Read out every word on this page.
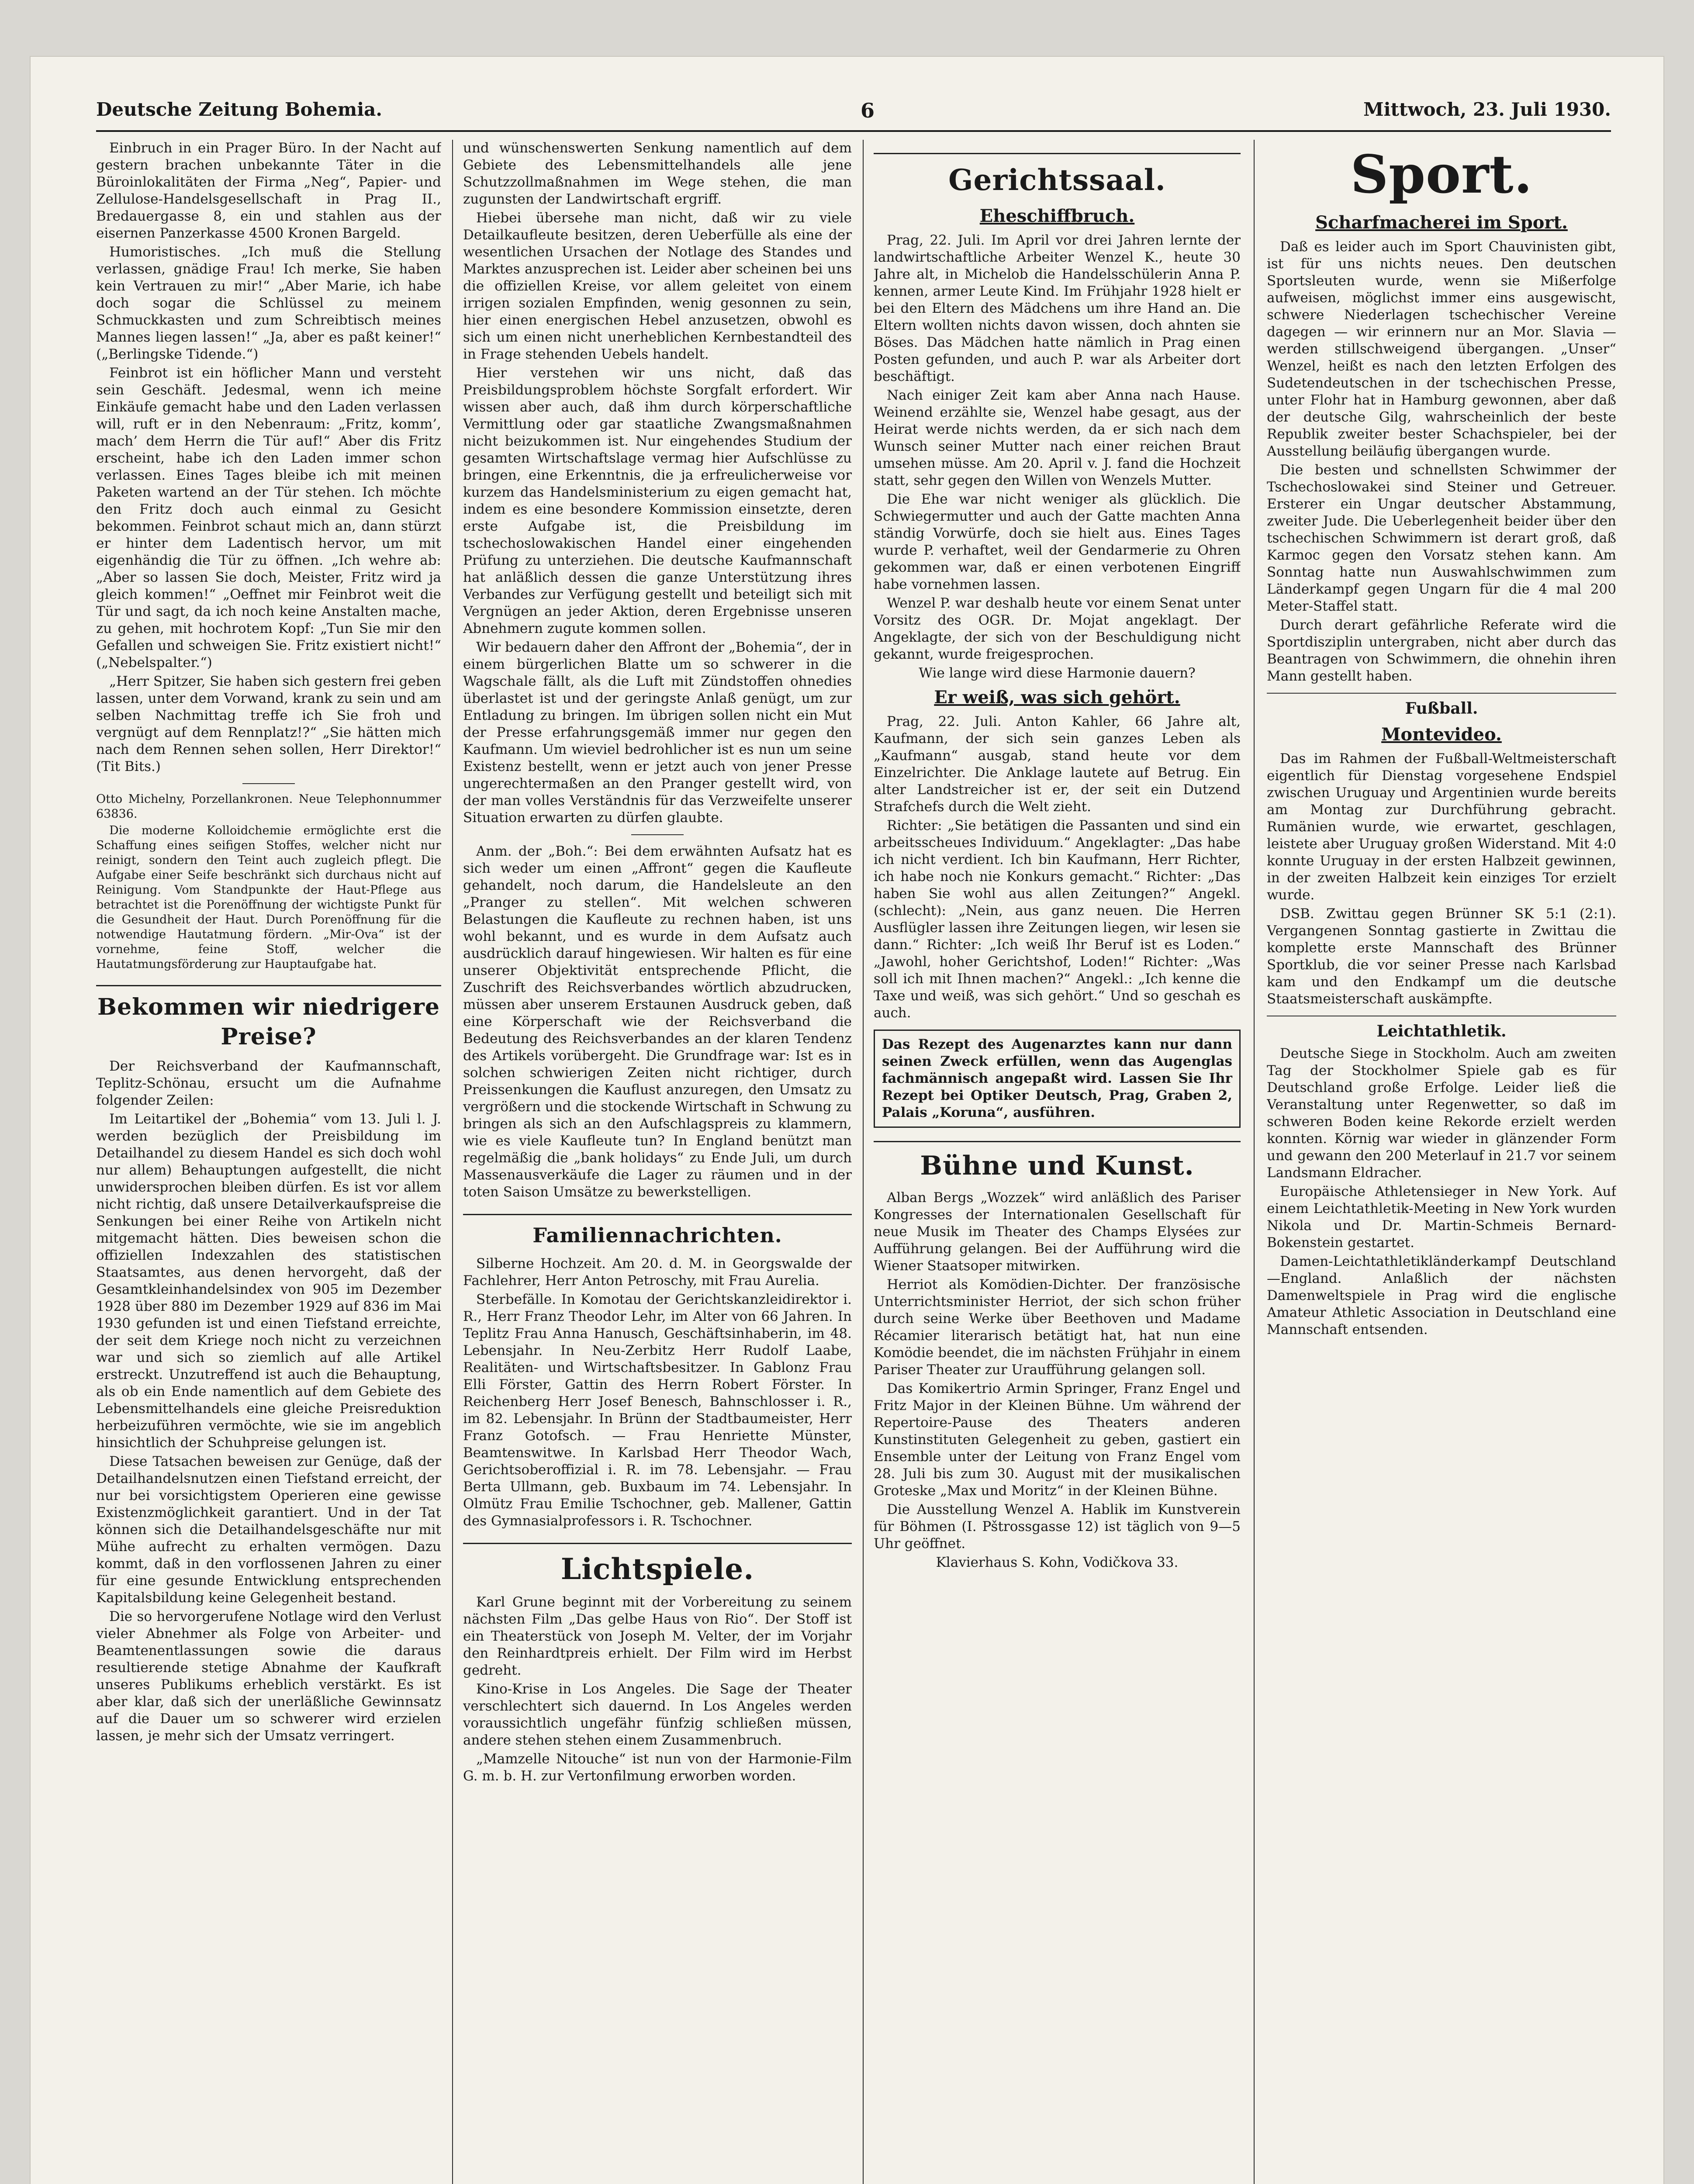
Deutsche Zeitung Bohemia.	6	Mittwoch, 23. Juli 1930.

Einbruch in ein Prager Büro. In der Nacht auf gestern brachen unbekannte Täter in die Büroinlokalitäten der Firma „Neg“, Papier- und Zellulose-Handelsgesellschaft in Prag II., Bredauergasse 8, ein und stahlen aus der eisernen Panzerkasse 4500 Kronen Bargeld.

Humoristisches. „Ich muß die Stellung verlassen, gnädige Frau! Ich merke, Sie haben kein Vertrauen zu mir!“ „Aber Marie, ich habe doch sogar die Schlüssel zu meinem Schmuckkasten und zum Schreibtisch meines Mannes liegen lassen!“ „Ja, aber es paßt keiner!“ („Berlingske Tidende.“)

Feinbrot ist ein höflicher Mann und versteht sein Geschäft. Jedesmal, wenn ich meine Einkäufe gemacht habe und den Laden verlassen will, ruft er in den Nebenraum: „Fritz, komm’, mach’ dem Herrn die Tür auf!“ Aber dis Fritz erscheint, habe ich den Laden immer schon verlassen. Eines Tages bleibe ich mit meinen Paketen wartend an der Tür stehen. Ich möchte den Fritz doch auch einmal zu Gesicht bekommen. Feinbrot schaut mich an, dann stürzt er hinter dem Ladentisch hervor, um mit eigenhändig die Tür zu öffnen. „Ich wehre ab: „Aber so lassen Sie doch, Meister, Fritz wird ja gleich kommen!“ „Oeffnet mir Feinbrot weit die Tür und sagt, da ich noch keine Anstalten mache, zu gehen, mit hochrotem Kopf: „Tun Sie mir den Gefallen und schweigen Sie. Fritz existiert nicht!“ („Nebelspalter.“)

„Herr Spitzer, Sie haben sich gestern frei geben lassen, unter dem Vorwand, krank zu sein und am selben Nachmittag treffe ich Sie froh und vergnügt auf dem Rennplatz!?“ „Sie hätten mich nach dem Rennen sehen sollen, Herr Direktor!“ (Tit Bits.)

Otto Michelny, Porzellankronen. Neue Telephonnummer 63836.

Die moderne Kolloidchemie ermöglichte erst die Schaffung eines seifigen Stoffes, welcher nicht nur reinigt, sondern den Teint auch zugleich pflegt. Die Aufgabe einer Seife beschränkt sich durchaus nicht auf Reinigung. Vom Standpunkte der Haut-Pflege aus betrachtet ist die Porenöffnung der wichtigste Punkt für die Gesundheit der Haut. Durch Porenöffnung für die notwendige Hautatmung fördern. „Mir-Ova“ ist der vornehme, feine Stoff, welcher die Hautatmungsförderung zur Hauptaufgabe hat.

Bekommen wir niedrigere Preise?

Der Reichsverband der Kaufmannschaft, Teplitz-Schönau, ersucht um die Aufnahme folgender Zeilen:

Im Leitartikel der „Bohemia“ vom 13. Juli l. J. werden bezüglich der Preisbildung im Detailhandel zu diesem Handel es sich doch wohl nur allem) Behauptungen aufgestellt, die nicht unwidersprochen bleiben dürfen. Es ist vor allem nicht richtig, daß unsere Detailverkaufspreise die Senkungen bei einer Reihe von Artikeln nicht mitgemacht hätten. Dies beweisen schon die offiziellen Indexzahlen des statistischen Staatsamtes, aus denen hervorgeht, daß der Gesamtkleinhandelsindex von 905 im Dezember 1928 über 880 im Dezember 1929 auf 836 im Mai 1930 gefunden ist und einen Tiefstand erreichte, der seit dem Kriege noch nicht zu verzeichnen war und sich so ziemlich auf alle Artikel erstreckt. Unzutreffend ist auch die Behauptung, als ob ein Ende namentlich auf dem Gebiete des Lebensmittelhandels eine gleiche Preisreduktion herbeizuführen vermöchte, wie sie im angeblich hinsichtlich der Schuhpreise gelungen ist.

Diese Tatsachen beweisen zur Genüge, daß der Detailhandelsnutzen einen Tiefstand erreicht, der nur bei vorsichtigstem Operieren eine gewisse Existenzmöglichkeit garantiert. Und in der Tat können sich die Detailhandelsgeschäfte nur mit Mühe aufrecht zu erhalten vermögen. Dazu kommt, daß in den vorflossenen Jahren zu einer für eine gesunde Entwicklung entsprechenden Kapitalsbildung keine Gelegenheit bestand.

Die so hervorgerufene Notlage wird den Verlust vieler Abnehmer als Folge von Arbeiter- und Beamtenentlassungen sowie die daraus resultierende stetige Abnahme der Kaufkraft unseres Publikums erheblich verstärkt. Es ist aber klar, daß sich der unerläßliche Gewinnsatz auf die Dauer um so schwerer wird erzielen lassen, je mehr sich der Umsatz verringert.

und wünschenswerten Senkung namentlich auf dem Gebiete des Lebensmittelhandels alle jene Schutzzollmaßnahmen im Wege stehen, die man zugunsten der Landwirtschaft ergriff.

Hiebei übersehe man nicht, daß wir zu viele Detailkaufleute besitzen, deren Ueberfülle als eine der wesentlichen Ursachen der Notlage des Standes und Marktes anzusprechen ist. Leider aber scheinen bei uns die offiziellen Kreise, vor allem geleitet von einem irrigen sozialen Empfinden, wenig gesonnen zu sein, hier einen energischen Hebel anzusetzen, obwohl es sich um einen nicht unerheblichen Kernbestandteil des in Frage stehenden Uebels handelt.

Hier verstehen wir uns nicht, daß das Preisbildungsproblem höchste Sorgfalt erfordert. Wir wissen aber auch, daß ihm durch körperschaftliche Vermittlung oder gar staatliche Zwangsmaßnahmen nicht beizukommen ist. Nur eingehendes Studium der gesamten Wirtschaftslage vermag hier Aufschlüsse zu bringen, eine Erkenntnis, die ja erfreulicherweise vor kurzem das Handelsministerium zu eigen gemacht hat, indem es eine besondere Kommission einsetzte, deren erste Aufgabe ist, die Preisbildung im tschechoslowakischen Handel einer eingehenden Prüfung zu unterziehen. Die deutsche Kaufmannschaft hat anläßlich dessen die ganze Unterstützung ihres Verbandes zur Verfügung gestellt und beteiligt sich mit Vergnügen an jeder Aktion, deren Ergebnisse unseren Abnehmern zugute kommen sollen.

Wir bedauern daher den Affront der „Bohemia“, der in einem bürgerlichen Blatte um so schwerer in die Wagschale fällt, als die Luft mit Zündstoffen ohnedies überlastet ist und der geringste Anlaß genügt, um zur Entladung zu bringen. Im übrigen sollen nicht ein Mut der Presse erfahrungsgemäß immer nur gegen den Kaufmann. Um wieviel bedrohlicher ist es nun um seine Existenz bestellt, wenn er jetzt auch von jener Presse ungerechtermaßen an den Pranger gestellt wird, von der man volles Verständnis für das Verzweifelte unserer Situation erwarten zu dürfen glaubte.

Anm. der „Boh.“: Bei dem erwähnten Aufsatz hat es sich weder um einen „Affront“ gegen die Kaufleute gehandelt, noch darum, die Handelsleute an den „Pranger zu stellen“. Mit welchen schweren Belastungen die Kaufleute zu rechnen haben, ist uns wohl bekannt, und es wurde in dem Aufsatz auch ausdrücklich darauf hingewiesen. Wir halten es für eine unserer Objektivität entsprechende Pflicht, die Zuschrift des Reichsverbandes wörtlich abzudrucken, müssen aber unserem Erstaunen Ausdruck geben, daß eine Körperschaft wie der Reichsverband die Bedeutung des Reichsverbandes an der klaren Tendenz des Artikels vorübergeht. Die Grundfrage war: Ist es in solchen schwierigen Zeiten nicht richtiger, durch Preissenkungen die Kauflust anzuregen, den Umsatz zu vergrößern und die stockende Wirtschaft in Schwung zu bringen als sich an den Aufschlagspreis zu klammern, wie es viele Kaufleute tun? In England benützt man regelmäßig die „bank holidays“ zu Ende Juli, um durch Massenausverkäufe die Lager zu räumen und in der toten Saison Umsätze zu bewerkstelligen.

Familiennachrichten.

Silberne Hochzeit. Am 20. d. M. in Georgswalde der Fachlehrer, Herr Anton Petroschy, mit Frau Aurelia.

Sterbefälle. In Komotau der Gerichtskanzleidirektor i. R., Herr Franz Theodor Lehr, im Alter von 66 Jahren. In Teplitz Frau Anna Hanusch, Geschäftsinhaberin, im 48. Lebensjahr. In Neu-Zerbitz Herr Rudolf Laabe, Realitäten- und Wirtschaftsbesitzer. In Gablonz Frau Elli Förster, Gattin des Herrn Robert Förster. In Reichenberg Herr Josef Benesch, Bahnschlosser i. R., im 82. Lebensjahr. In Brünn der Stadtbaumeister, Herr Franz Gotofsch. — Frau Henriette Münster, Beamtenswitwe. In Karlsbad Herr Theodor Wach, Gerichtsoberoffizial i. R. im 78. Lebensjahr. — Frau Berta Ullmann, geb. Buxbaum im 74. Lebensjahr. In Olmütz Frau Emilie Tschochner, geb. Mallener, Gattin des Gymnasialprofessors i. R. Tschochner.

Lichtspiele.

Karl Grune beginnt mit der Vorbereitung zu seinem nächsten Film „Das gelbe Haus von Rio“. Der Stoff ist ein Theaterstück von Joseph M. Velter, der im Vorjahr den Reinhardtpreis erhielt. Der Film wird im Herbst gedreht.

Kino-Krise in Los Angeles. Die Sage der Theater verschlechtert sich dauernd. In Los Angeles werden voraussichtlich ungefähr fünfzig schließen müssen, andere stehen stehen einem Zusammenbruch.

„Mamzelle Nitouche“ ist nun von der Harmonie-Film G. m. b. H. zur Vertonfilmung erworben worden.

Gerichtssaal.
Eheschiffbruch.

Prag, 22. Juli. Im April vor drei Jahren lernte der landwirtschaftliche Arbeiter Wenzel K., heute 30 Jahre alt, in Michelob die Handelsschülerin Anna P. kennen, armer Leute Kind. Im Frühjahr 1928 hielt er bei den Eltern des Mädchens um ihre Hand an. Die Eltern wollten nichts davon wissen, doch ahnten sie Böses. Das Mädchen hatte nämlich in Prag einen Posten gefunden, und auch P. war als Arbeiter dort beschäftigt.

Nach einiger Zeit kam aber Anna nach Hause. Weinend erzählte sie, Wenzel habe gesagt, aus der Heirat werde nichts werden, da er sich nach dem Wunsch seiner Mutter nach einer reichen Braut umsehen müsse. Am 20. April v. J. fand die Hochzeit statt, sehr gegen den Willen von Wenzels Mutter.

Die Ehe war nicht weniger als glücklich. Die Schwiegermutter und auch der Gatte machten Anna ständig Vorwürfe, doch sie hielt aus. Eines Tages wurde P. verhaftet, weil der Gendarmerie zu Ohren gekommen war, daß er einen verbotenen Eingriff habe vornehmen lassen.

Wenzel P. war deshalb heute vor einem Senat unter Vorsitz des OGR. Dr. Mojat angeklagt. Der Angeklagte, der sich von der Beschuldigung nicht gekannt, wurde freigesprochen.

Wie lange wird diese Harmonie dauern?

Er weiß, was sich gehört.

Prag, 22. Juli. Anton Kahler, 66 Jahre alt, Kaufmann, der sich sein ganzes Leben als „Kaufmann“ ausgab, stand heute vor dem Einzelrichter. Die Anklage lautete auf Betrug. Ein alter Landstreicher ist er, der seit ein Dutzend Strafchefs durch die Welt zieht.

Richter: „Sie betätigen die Passanten und sind ein arbeitsscheues Individuum.“ Angeklagter: „Das habe ich nicht verdient. Ich bin Kaufmann, Herr Richter, ich habe noch nie Konkurs gemacht.“ Richter: „Das haben Sie wohl aus allen Zeitungen?“ Angekl. (schlecht): „Nein, aus ganz neuen. Die Herren Ausflügler lassen ihre Zeitungen liegen, wir lesen sie dann.“ Richter: „Ich weiß Ihr Beruf ist es Loden.“ „Jawohl, hoher Gerichtshof, Loden!“ Richter: „Was soll ich mit Ihnen machen?“ Angekl.: „Ich kenne die Taxe und weiß, was sich gehört.“ Und so geschah es auch.

Das Rezept des Augenarztes kann nur dann seinen Zweck erfüllen, wenn das Augenglas fachmännisch angepaßt wird. Lassen Sie Ihr Rezept bei Optiker Deutsch, Prag, Graben 2, Palais „Koruna“, ausführen.
Bühne und Kunst.

Alban Bergs „Wozzek“ wird anläßlich des Pariser Kongresses der Internationalen Gesellschaft für neue Musik im Theater des Champs Elysées zur Aufführung gelangen. Bei der Aufführung wird die Wiener Staatsoper mitwirken.

Herriot als Komödien-Dichter. Der französische Unterrichtsminister Herriot, der sich schon früher durch seine Werke über Beethoven und Madame Récamier literarisch betätigt hat, hat nun eine Komödie beendet, die im nächsten Frühjahr in einem Pariser Theater zur Uraufführung gelangen soll.

Das Komikertrio Armin Springer, Franz Engel und Fritz Major in der Kleinen Bühne. Um während der Repertoire-Pause des Theaters anderen Kunstinstituten Gelegenheit zu geben, gastiert ein Ensemble unter der Leitung von Franz Engel vom 28. Juli bis zum 30. August mit der musikalischen Groteske „Max und Moritz“ in der Kleinen Bühne.

Die Ausstellung Wenzel A. Hablik im Kunstverein für Böhmen (I. Pštrossgasse 12) ist täglich von 9—5 Uhr geöffnet.

Klavierhaus S. Kohn, Vodičkova 33.

Sport.
Scharfmacherei im Sport.

Daß es leider auch im Sport Chauvinisten gibt, ist für uns nichts neues. Den deutschen Sportsleuten wurde, wenn sie Mißerfolge aufweisen, möglichst immer eins ausgewischt, schwere Niederlagen tschechischer Vereine dagegen — wir erinnern nur an Mor. Slavia — werden stillschweigend übergangen. „Unser“ Wenzel, heißt es nach den letzten Erfolgen des Sudetendeutschen in der tschechischen Presse, unter Flohr hat in Hamburg gewonnen, aber daß der deutsche Gilg, wahrscheinlich der beste Republik zweiter bester Schachspieler, bei der Ausstellung beiläufig übergangen wurde.

Die besten und schnellsten Schwimmer der Tschechoslowakei sind Steiner und Getreuer. Ersterer ein Ungar deutscher Abstammung, zweiter Jude. Die Ueberlegenheit beider über den tschechischen Schwimmern ist derart groß, daß Karmoc gegen den Vorsatz stehen kann. Am Sonntag hatte nun Auswahlschwimmen zum Länderkampf gegen Ungarn für die 4 mal 200 Meter-Staffel statt.

Durch derart gefährliche Referate wird die Sportdisziplin untergraben, nicht aber durch das Beantragen von Schwimmern, die ohnehin ihren Mann gestellt haben.

Fußball.
Montevideo.

Das im Rahmen der Fußball-Weltmeisterschaft eigentlich für Dienstag vorgesehene Endspiel zwischen Uruguay und Argentinien wurde bereits am Montag zur Durchführung gebracht. Rumänien wurde, wie erwartet, geschlagen, leistete aber Uruguay großen Widerstand. Mit 4:0 konnte Uruguay in der ersten Halbzeit gewinnen, in der zweiten Halbzeit kein einziges Tor erzielt wurde.

DSB. Zwittau gegen Brünner SK 5:1 (2:1). Vergangenen Sonntag gastierte in Zwittau die komplette erste Mannschaft des Brünner Sportklub, die vor seiner Presse nach Karlsbad kam und den Endkampf um die deutsche Staatsmeisterschaft auskämpfte.

Leichtathletik.

Deutsche Siege in Stockholm. Auch am zweiten Tag der Stockholmer Spiele gab es für Deutschland große Erfolge. Leider ließ die Veranstaltung unter Regenwetter, so daß im schweren Boden keine Rekorde erzielt werden konnten. Körnig war wieder in glänzender Form und gewann den 200 Meterlauf in 21.7 vor seinem Landsmann Eldracher.

Europäische Athletensieger in New York. Auf einem Leichtathletik-Meeting in New York wurden Nikola und Dr. Martin-Schmeis Bernard-Bokenstein gestartet.

Damen-Leichtathletikländerkampf Deutschland—England. Anlaßlich der nächsten Damenweltspiele in Prag wird die englische Amateur Athletic Association in Deutschland eine Mannschaft entsenden.
